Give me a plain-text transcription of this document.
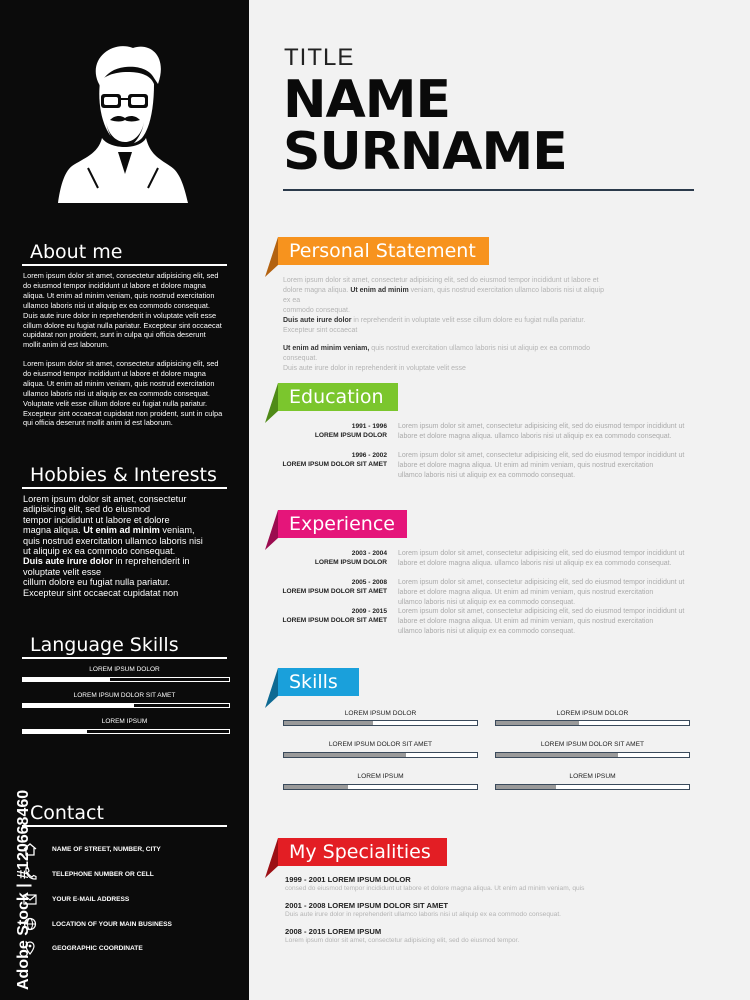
About me
Lorem ipsum dolor sit amet, consectetur adipisicing elit, sed do eiusmod tempor incididunt ut labore et dolore magna aliqua. Ut enim ad minim veniam, quis nostrud exercitation ullamco laboris nisi ut aliquip ex ea commodo consequat. Duis aute irure dolor in reprehenderit in voluptate velit esse cillum dolore eu fugiat nulla pariatur. Excepteur sint occaecat cupidatat non proident, sunt in culpa qui officia deserunt mollit anim id est laborum.
Lorem ipsum dolor sit amet, consectetur adipisicing elit, sed do eiusmod tempor incididunt ut labore et dolore magna aliqua. Ut enim ad minim veniam, quis nostrud exercitation ullamco laboris nisi ut aliquip ex ea commodo consequat. Voluptate velit esse cillum dolore eu fugiat nulla pariatur. Excepteur sint occaecat cupidatat non proident, sunt in culpa qui officia deserunt mollit anim id est laborum.
Hobbies & Interests
Lorem ipsum dolor sit amet, consectetur
adipisicing elit, sed do eiusmod
tempor incididunt ut labore et dolore
magna aliqua. Ut enim ad minim veniam,
quis nostrud exercitation ullamco laboris nisi
ut aliquip ex ea commodo consequat.
Duis aute irure dolor in reprehenderit in
voluptate velit esse
cillum dolore eu fugiat nulla pariatur.
Excepteur sint occaecat cupidatat non
Language Skills
LOREM IPSUM DOLOR
LOREM IPSUM DOLOR SIT AMET
LOREM IPSUM
Contact
NAME OF STREET, NUMBER, CITY
TELEPHONE NUMBER OR CELL
YOUR E-MAIL ADDRESS
LOCATION OF YOUR MAIN BUSINESS
GEOGRAPHIC COORDINATE
Adobe Stock | #120668460
TITLE
NAME
SURNAME
Personal Statement
Lorem ipsum dolor sit amet, consectetur adipisicing elit, sed do eiusmod tempor incididunt ut labore et
dolore magna aliqua. Ut enim ad minim veniam, quis nostrud exercitation ullamco laboris nisi ut aliquip ex ea
commodo consequat.
Duis aute irure dolor in reprehenderit in voluptate velit esse cillum dolore eu fugiat nulla pariatur.
Excepteur sint occaecat
Ut enim ad minim veniam, quis nostrud exercitation ullamco laboris nisi ut aliquip ex ea commodo consequat.
Duis aute irure dolor in reprehenderit in voluptate velit esse
Education
1991 - 1996
LOREM IPSUM DOLOR
Lorem ipsum dolor sit amet, consectetur adipisicing elit, sed do eiusmod tempor incididunt ut
labore et dolore magna aliqua. ullamco laboris nisi ut aliquip ex ea commodo consequat.
1996 - 2002
LOREM IPSUM DOLOR SIT AMET
Lorem ipsum dolor sit amet, consectetur adipisicing elit, sed do eiusmod tempor incididunt ut
labore et dolore magna aliqua. Ut enim ad minim veniam, quis nostrud exercitation
ullamco laboris nisi ut aliquip ex ea commodo consequat.
Experience
2003 - 2004
LOREM IPSUM DOLOR
Lorem ipsum dolor sit amet, consectetur adipisicing elit, sed do eiusmod tempor incididunt ut
labore et dolore magna aliqua. ullamco laboris nisi ut aliquip ex ea commodo consequat.
2005 - 2008
LOREM IPSUM DOLOR SIT AMET
Lorem ipsum dolor sit amet, consectetur adipisicing elit, sed do eiusmod tempor incididunt ut
labore et dolore magna aliqua. Ut enim ad minim veniam, quis nostrud exercitation
ullamco laboris nisi ut aliquip ex ea commodo consequat.
2009 - 2015
LOREM IPSUM DOLOR SIT AMET
Lorem ipsum dolor sit amet, consectetur adipisicing elit, sed do eiusmod tempor incididunt ut
labore et dolore magna aliqua. Ut enim ad minim veniam, quis nostrud exercitation
ullamco laboris nisi ut aliquip ex ea commodo consequat.
Skills
LOREM IPSUM DOLOR
LOREM IPSUM DOLOR SIT AMET
LOREM IPSUM
LOREM IPSUM DOLOR
LOREM IPSUM DOLOR SIT AMET
LOREM IPSUM
My Specialities
1999 - 2001 LOREM IPSUM DOLOR
consed do eiusmod tempor incididunt ut labore et dolore magna aliqua. Ut enim ad minim veniam, quis
2001 - 2008 LOREM IPSUM DOLOR SIT AMET
Duis aute irure dolor in reprehenderit ullamco laboris nisi ut aliquip ex ea commodo consequat.
2008 - 2015 LOREM IPSUM
Lorem ipsum dolor sit amet, consectetur adipisicing elit, sed do eiusmod tempor.
